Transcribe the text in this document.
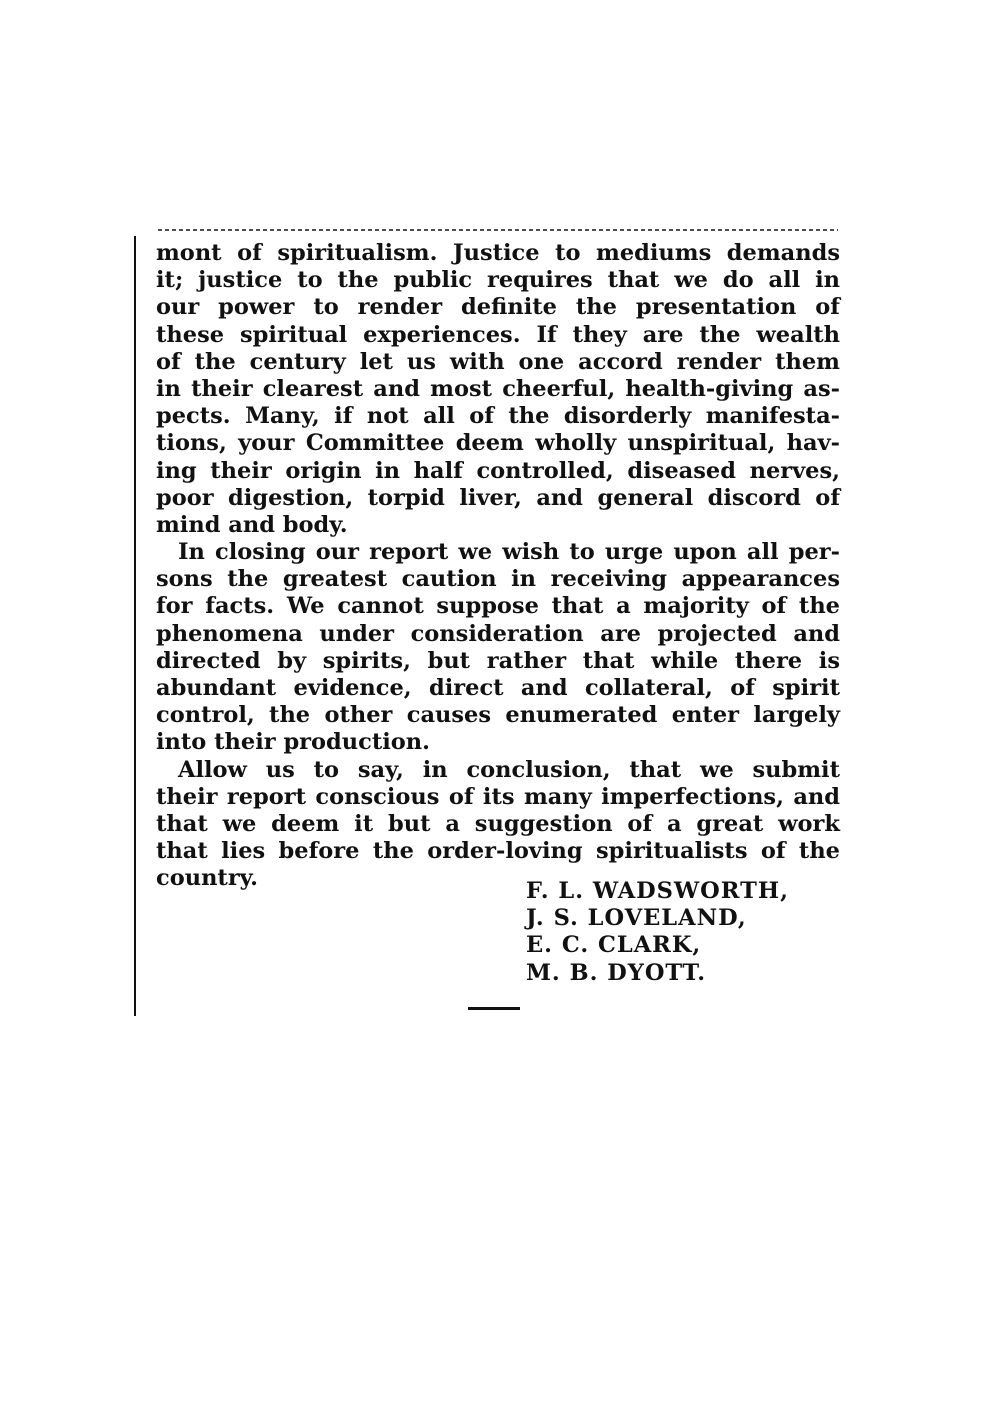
mont of spiritualism. Justice to mediums demands
it; justice to the public requires that we do all in
our power to render definite the presentation of
these spiritual experiences. If they are the wealth
of the century let us with one accord render them
in their clearest and most cheerful, health-giving as-
pects. Many, if not all of the disorderly manifesta-
tions, your Committee deem wholly unspiritual, hav-
ing their origin in half controlled, diseased nerves,
poor digestion, torpid liver, and general discord of
mind and body.
In closing our report we wish to urge upon all per-
sons the greatest caution in receiving appearances
for facts. We cannot suppose that a majority of the
phenomena under consideration are projected and
directed by spirits, but rather that while there is
abundant evidence, direct and collateral, of spirit
control, the other causes enumerated enter largely
into their production.
Allow us to say, in conclusion, that we submit
their report conscious of its many imperfections, and
that we deem it but a suggestion of a great work
that lies before the order-loving spiritualists of the
country.	F. L. WADSWORTH,
J. S. LOVELAND,
E. C. CLARK,
M. B. DYOTT.
